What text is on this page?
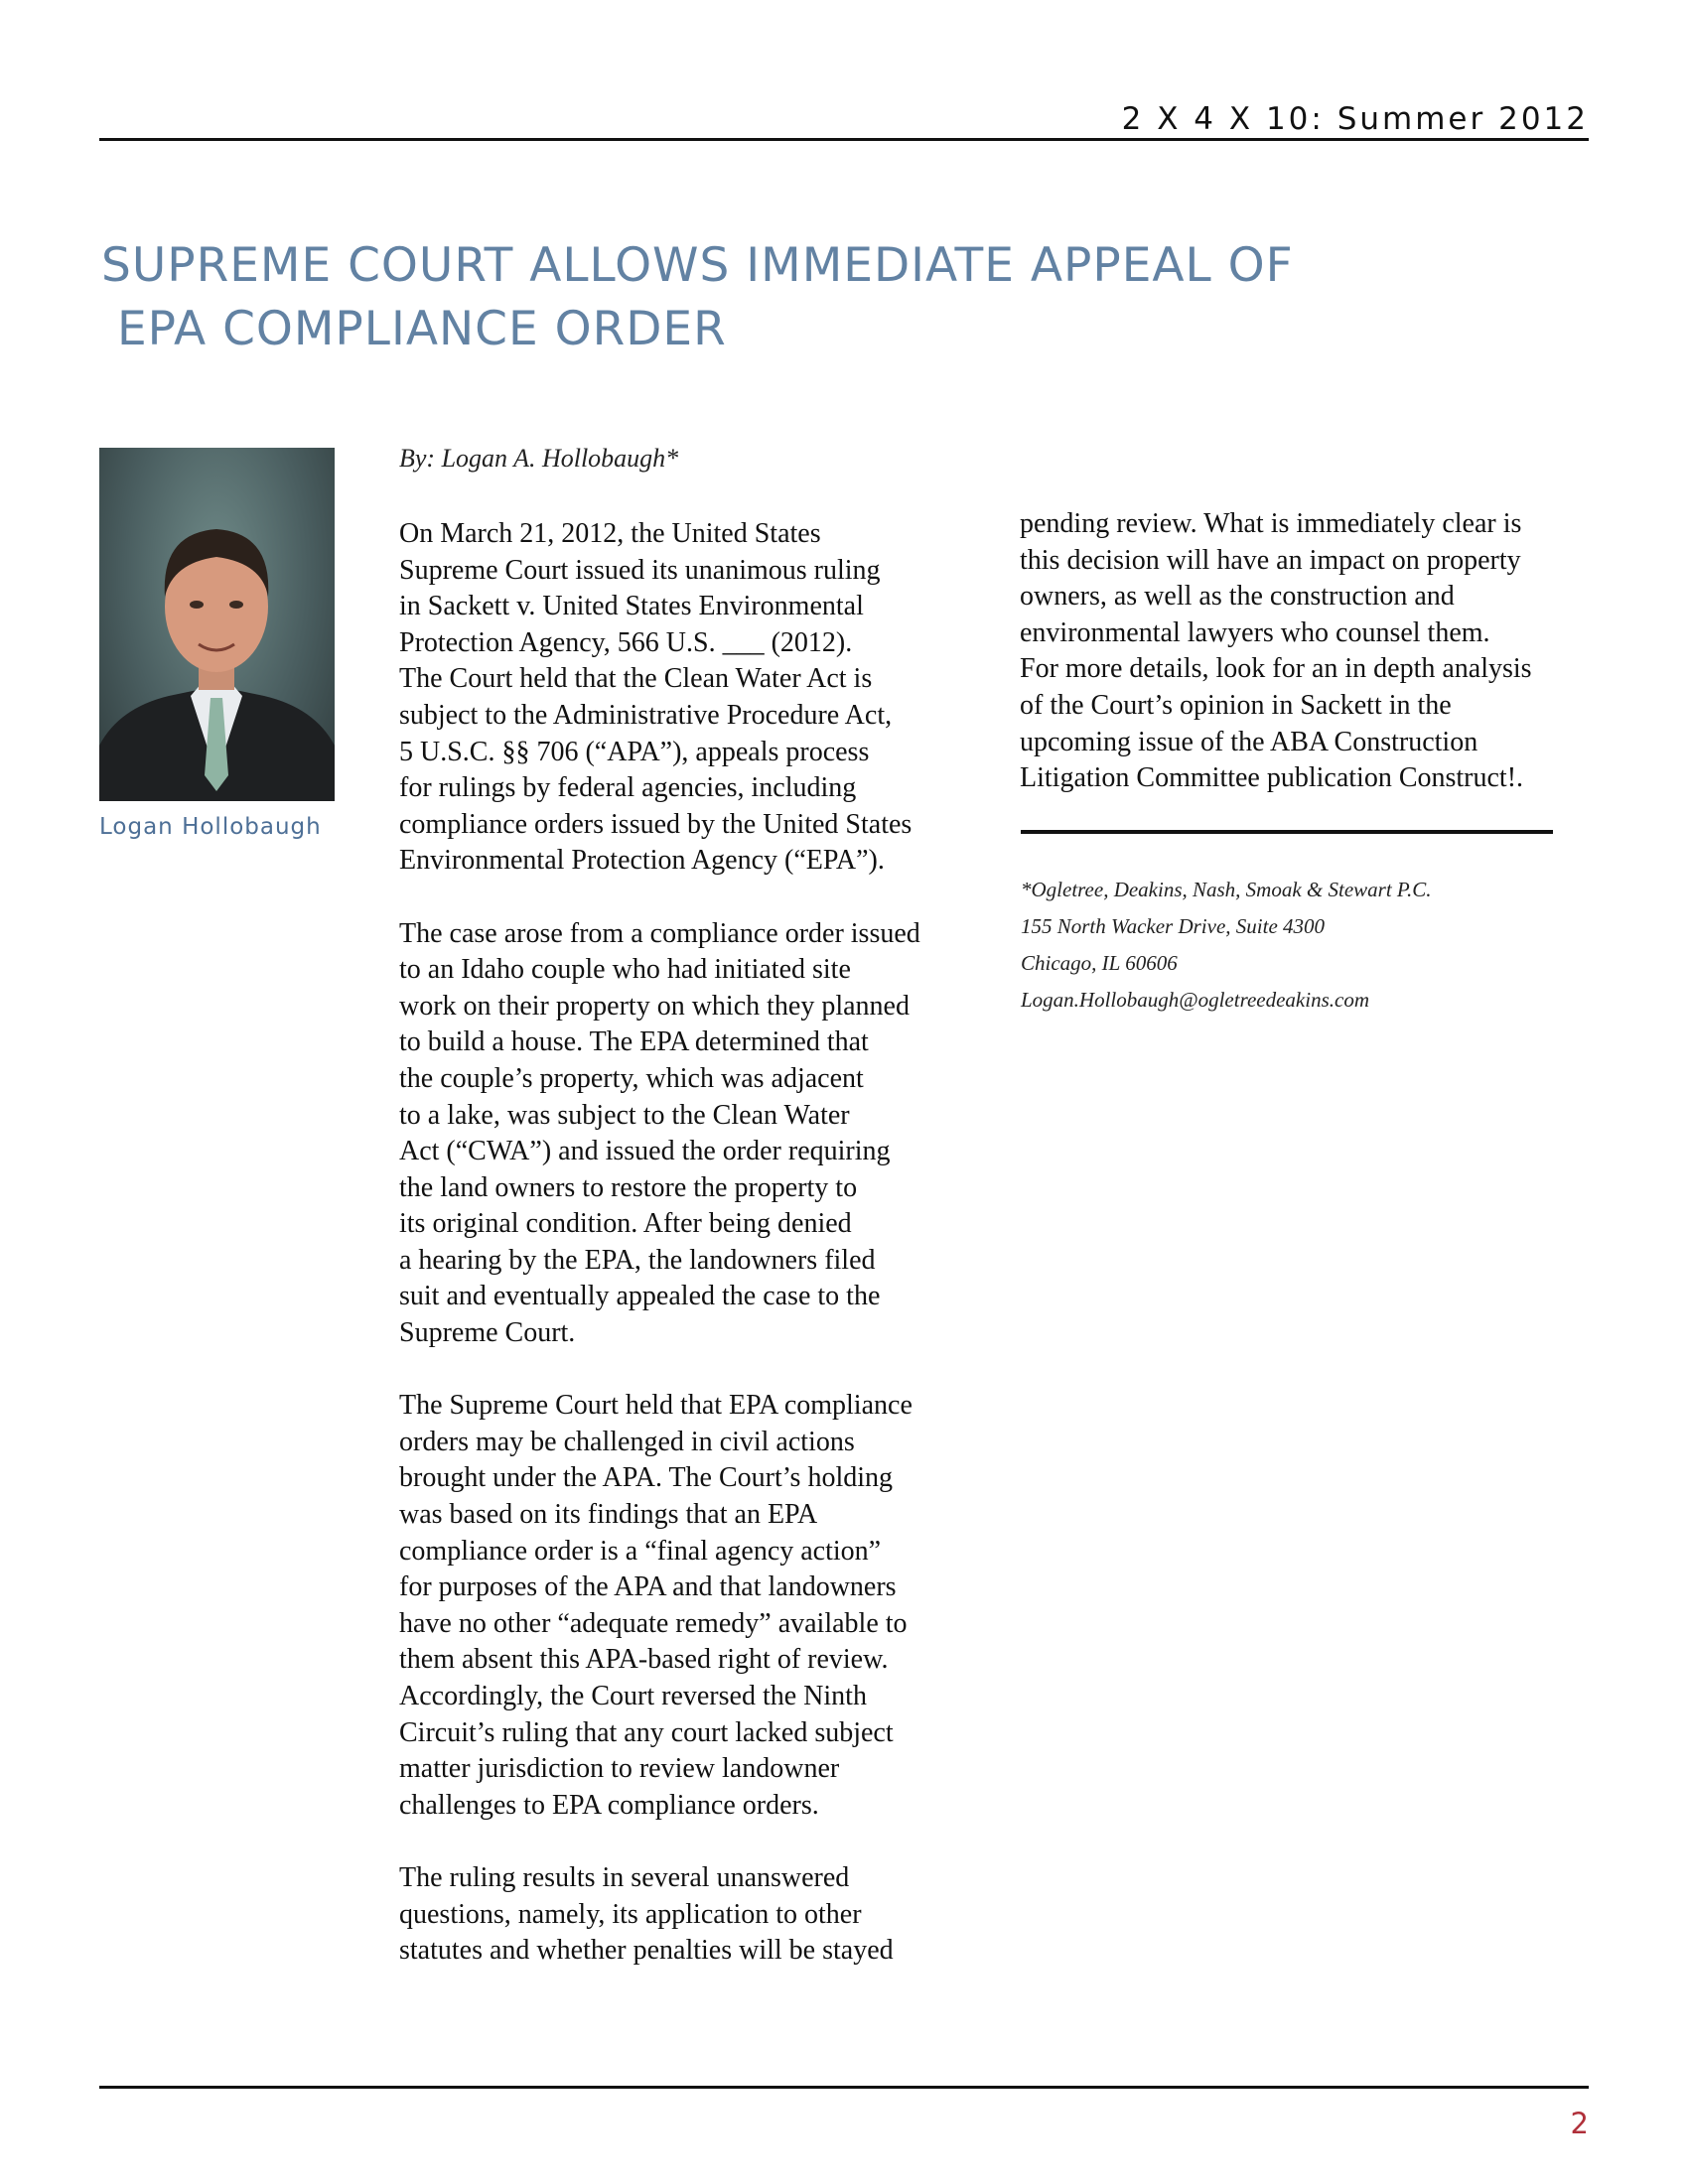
2 X 4 X 10: Summer 2012
SUPREME COURT ALLOWS IMMEDIATE APPEAL OF
EPA COMPLIANCE ORDER
Logan Hollobaugh
By: Logan A. Hollobaugh*
On March 21, 2012, the United States
Supreme Court issued its unanimous ruling
in Sackett v. United States Environmental
Protection Agency, 566 U.S. ___ (2012).
The Court held that the Clean Water Act is
subject to the Administrative Procedure Act,
5 U.S.C. §§ 706 (“APA”), appeals process
for rulings by federal agencies, including
compliance orders issued by the United States
Environmental Protection Agency (“EPA”).
The case arose from a compliance order issued
to an Idaho couple who had initiated site
work on their property on which they planned
to build a house. The EPA determined that
the couple’s property, which was adjacent
to a lake, was subject to the Clean Water
Act (“CWA”) and issued the order requiring
the land owners to restore the property to
its original condition. After being denied
a hearing by the EPA, the landowners filed
suit and eventually appealed the case to the
Supreme Court.
The Supreme Court held that EPA compliance
orders may be challenged in civil actions
brought under the APA. The Court’s holding
was based on its findings that an EPA
compliance order is a “final agency action”
for purposes of the APA and that landowners
have no other “adequate remedy” available to
them absent this APA-based right of review.
Accordingly, the Court reversed the Ninth
Circuit’s ruling that any court lacked subject
matter jurisdiction to review landowner
challenges to EPA compliance orders.
The ruling results in several unanswered
questions, namely, its application to other
statutes and whether penalties will be stayed
pending review. What is immediately clear is
this decision will have an impact on property
owners, as well as the construction and
environmental lawyers who counsel them.
For more details, look for an in depth analysis
of the Court’s opinion in Sackett in the
upcoming issue of the ABA Construction
Litigation Committee publication Construct!.
*Ogletree, Deakins, Nash, Smoak & Stewart P.C.
155 North Wacker Drive, Suite 4300
Chicago, IL 60606
Logan.Hollobaugh@ogletreedeakins.com
2
